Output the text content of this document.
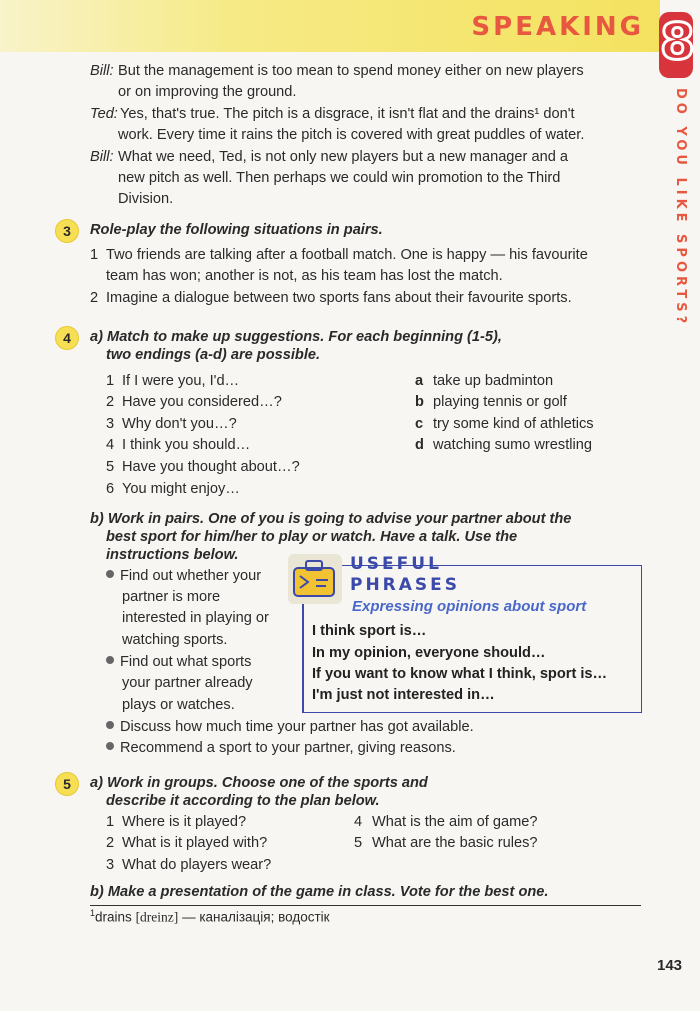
SPEAKING 8
DO YOU LIKE SPORTS?
Bill: But the management is too mean to spend money either on new players
or on improving the ground.
Ted: Yes, that's true. The pitch is a disgrace, it isn't flat and the drains¹ don't
work. Every time it rains the pitch is covered with great puddles of water.
Bill: What we need, Ted, is not only new players but a new manager and a
new pitch as well. Then perhaps we could win promotion to the Third
Division.
3	Role-play the following situations in pairs.
1 Two friends are talking after a football match. One is happy — his favourite
team has won; another is not, as his team has lost the match.
2 Imagine a dialogue between two sports fans about their favourite sports.
4	a) Match to make up suggestions. For each beginning (1-5),
two endings (a-d) are possible.
1 If I were you, I'd…
2 Have you considered…?
3 Why don't you…?
4 I think you should…
5 Have you thought about…?
6 You might enjoy…
a take up badminton
b playing tennis or golf
c try some kind of athletics
d watching sumo wrestling
b) Work in pairs. One of you is going to advise your partner about the
best sport for him/her to play or watch. Have a talk. Use the
instructions below.
Find out whether your
partner is more
interested in playing or
watching sports.
Find out what sports
your partner already
plays or watches.
Discuss how much time your partner has got available.
Recommend a sport to your partner, giving reasons.
USEFUL
PHRASES
Expressing opinions about sport
I think sport is…
In my opinion, everyone should…
If you want to know what I think, sport is…
I'm just not interested in…
5	a) Work in groups. Choose one of the sports and
describe it according to the plan below.
1 Where is it played?
2 What is it played with?
3 What do players wear?
4 What is the aim of game?
5 What are the basic rules?
b) Make a presentation of the game in class. Vote for the best one.
$^1$drains [dreinz] — каналізація; водостік
143
